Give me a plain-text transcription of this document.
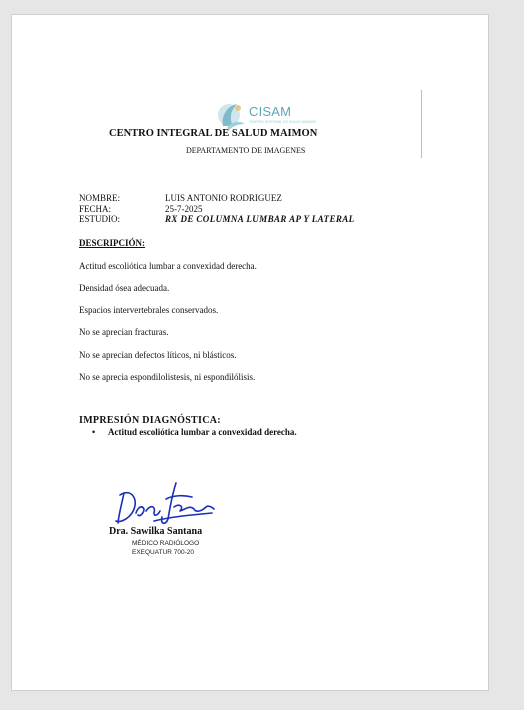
CISAM
CENTRO INTEGRAL DE SALUD MAIMON
CENTRO INTEGRAL DE SALUD MAIMON
DEPARTAMENTO DE IMAGENES
NOMBRE:	LUIS ANTONIO RODRIGUEZ
FECHA:	25-7-2025
ESTUDIO:	RX DE COLUMNA LUMBAR AP Y LATERAL
DESCRIPCIÓN:
Actitud escoliótica lumbar a convexidad derecha.
Densidad ósea adecuada.
Espacios intervertebrales conservados.
No se aprecian fracturas.
No se aprecian defectos líticos, ni blásticos.
No se aprecia espondilolistesis, ni espondilólisis.
IMPRESIÓN DIAGNÓSTICA:
• Actitud escoliótica lumbar a convexidad derecha.
Dra. Sawilka Santana
MÉDICO RADIÓLOGO
EXEQUATUR 700-20
